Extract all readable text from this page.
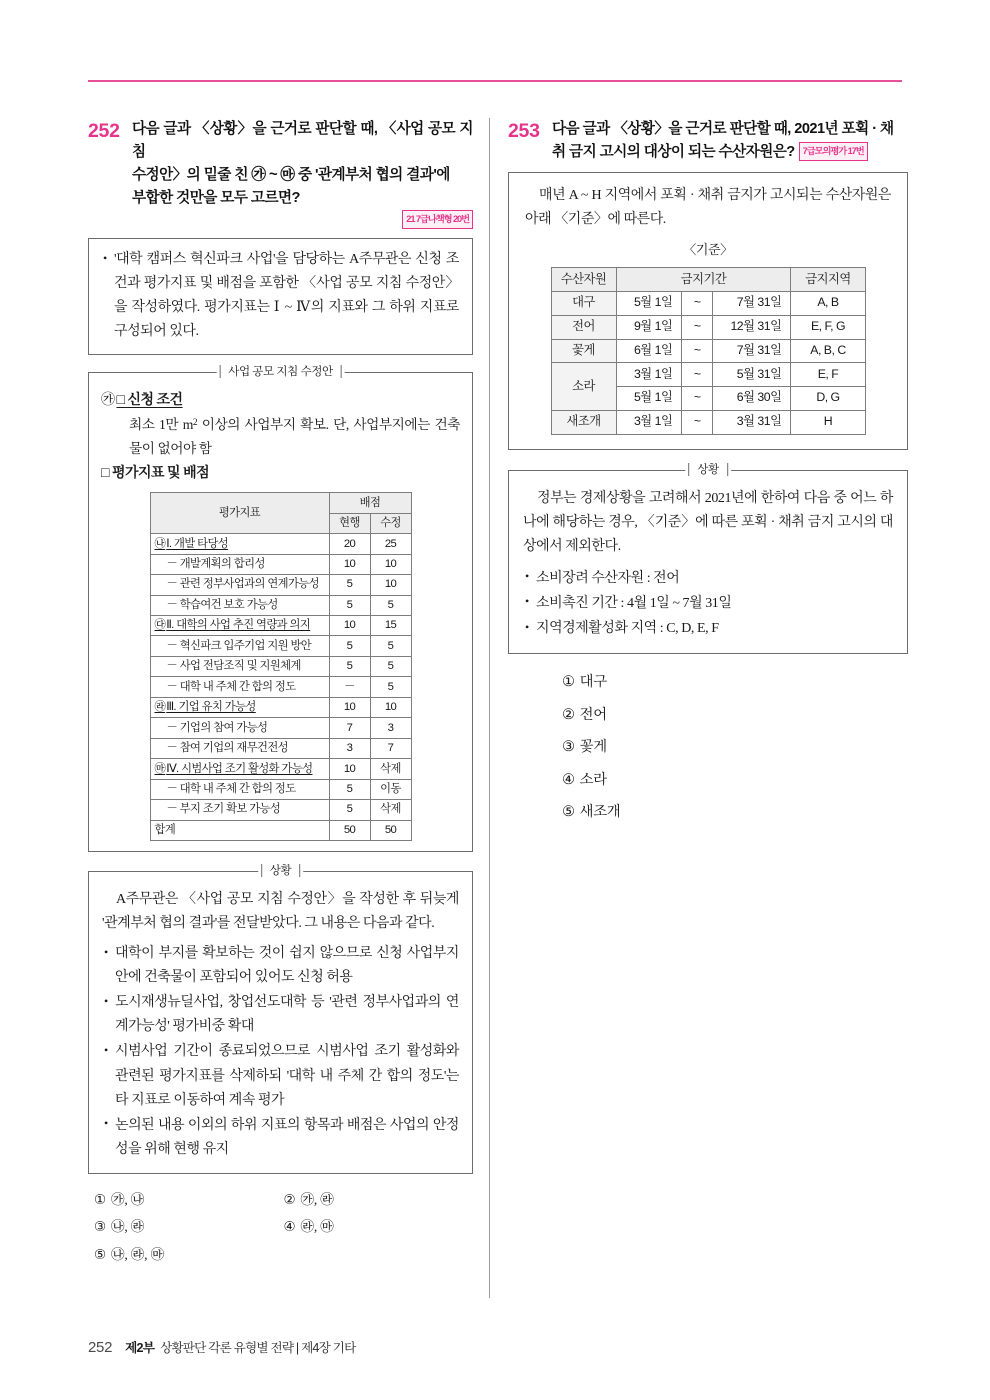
252 다음 글과 〈상황〉을 근거로 판단할 때, 〈사업 공모 지침
수정안〉의 밑줄 친 ㉮ ~ ㉲ 중 '관계부처 협의 결과'에
부합한 것만을 모두 고르면?
21 7급나책형 20번
• '대학 캠퍼스 혁신파크 사업'을 담당하는 A주무관은 신청 조건과 평가지표 및 배점을 포함한 〈사업 공모 지침 수정안〉을 작성하였다. 평가지표는 Ⅰ ~ Ⅳ의 지표와 그 하위 지표로 구성되어 있다.
사업 공모 지침 수정안

㉮ □ 신청 조건

최소 1만 $m^2$ 이상의 사업부지 확보. 단, 사업부지에는 건축물이 없어야 함

□ 평가지표 및 배점

평가지표	배점	
	현행	수정
㉯Ⅰ. 개발 타당성	20	25
－ 개발계획의 합리성	10	10
－ 관련 정부사업과의 연계가능성	5	10
－ 학습여건 보호 가능성	5	5
㉰Ⅱ. 대학의 사업 추진 역량과 의지	10	15
－ 혁신파크 입주기업 지원 방안	5	5
－ 사업 전담조직 및 지원체계	5	5
－ 대학 내 주체 간 합의 정도	－	5
㉱Ⅲ. 기업 유치 가능성	10	10
－ 기업의 참여 가능성	7	3
－ 참여 기업의 재무건전성	3	7
㉲Ⅳ. 시범사업 조기 활성화 가능성	10	삭제
－ 대학 내 주체 간 합의 정도	5	이동
－ 부지 조기 확보 가능성	5	삭제
합계	50	50
상황

A주무관은 〈사업 공모 지침 수정안〉을 작성한 후 뒤늦게 '관계부처 협의 결과'를 전달받았다. 그 내용은 다음과 같다.

• 대학이 부지를 확보하는 것이 쉽지 않으므로 신청 사업부지 안에 건축물이 포함되어 있어도 신청 허용
• 도시재생뉴딜사업, 창업선도대학 등 '관련 정부사업과의 연계가능성' 평가비중 확대
• 시범사업 기간이 종료되었으므로 시범사업 조기 활성화와 관련된 평가지표를 삭제하되 '대학 내 주체 간 합의 정도'는 타 지표로 이동하여 계속 평가
• 논의된 내용 이외의 하위 지표의 항목과 배점은 사업의 안정성을 위해 현행 유지
① ㉮, ㉯	② ㉮, ㉱
③ ㉯, ㉱	④ ㉱, ㉲
⑤ ㉯, ㉱, ㉲
253 다음 글과 〈상황〉을 근거로 판단할 때, 2021년 포획 · 채
취 금지 고시의 대상이 되는 수산자원은? 7급모의평가 17번

매년 A ~ H 지역에서 포획 · 채취 금지가 고시되는 수산자원은 아래 〈기준〉에 따른다.

〈기준〉

수산자원	금지기간			금지지역
대구	5월 1일	~	7월 31일	A, B
전어	9월 1일	~	12월 31일	E, F, G
꽃게	6월 1일	~	7월 31일	A, B, C
소라	3월 1일	~	5월 31일	E, F
	5월 1일	~	6월 30일	D, G
새조개	3월 1일	~	3월 31일	H
상황

정부는 경제상황을 고려해서 2021년에 한하여 다음 중 어느 하나에 해당하는 경우, 〈기준〉에 따른 포획 · 채취 금지 고시의 대상에서 제외한다.

• 소비장려 수산자원 : 전어
• 소비촉진 기간 : 4월 1일 ~ 7월 31일
• 지역경제활성화 지역 : C, D, E, F
① 대구
② 전어
③ 꽃게
④ 소라
⑤ 새조개
252 제2부 상황판단 각론 유형별 전략 | 제4장 기타
